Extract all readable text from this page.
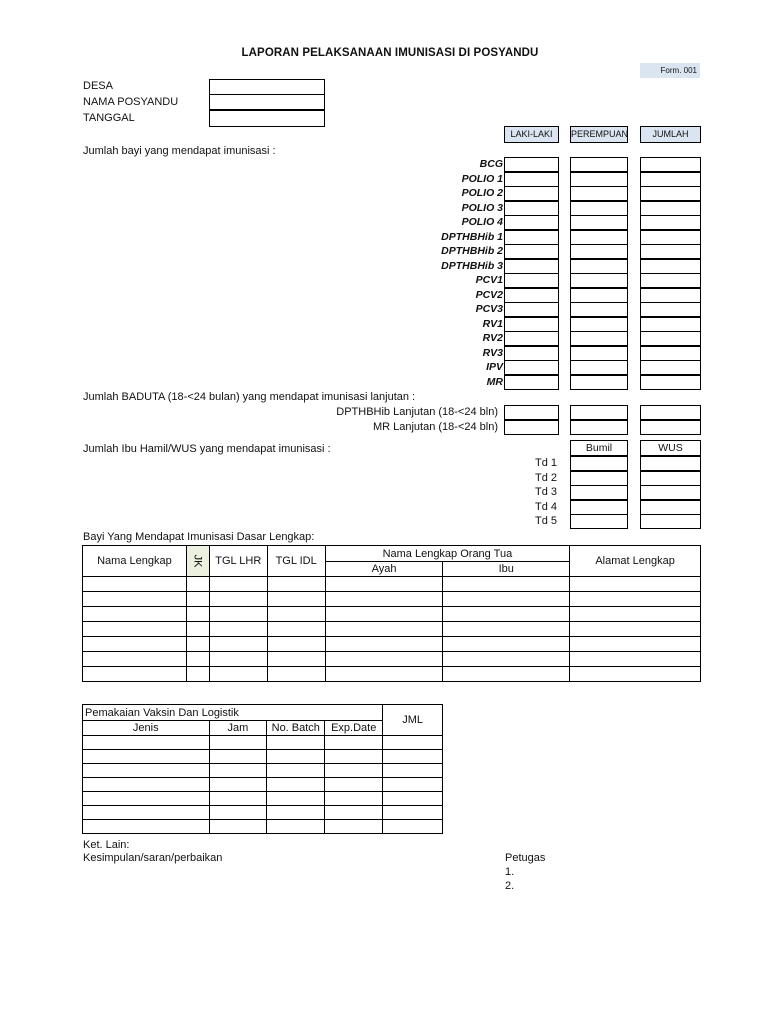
LAPORAN PELAKSANAAN IMUNISASI DI POSYANDU
Form. 001
DESA
NAMA POSYANDU
TANGGAL
LAKI-LAKI	PEREMPUAN	JUMLAH
Jumlah bayi yang mendapat imunisasi :
BCG
POLIO 1
POLIO 2
POLIO 3
POLIO 4
DPTHBHib 1
DPTHBHib 2
DPTHBHib 3
PCV1
PCV2
PCV3
RV1
RV2
RV3
IPV
MR
Jumlah BADUTA (18-<24 bulan) yang mendapat imunisasi lanjutan :
DPTHBHib Lanjutan (18-<24 bln)
MR Lanjutan (18-<24 bln)
Jumlah Ibu Hamil/WUS yang mendapat imunisasi :	Bumil	WUS
Td 1
Td 2
Td 3
Td 4
Td 5
Bayi Yang Mendapat Imunisasi Dasar Lengkap:
Nama Lengkap	JK	TGL LHR	TGL IDL	Nama Lengkap Orang Tua		Alamat Lengkap
				Ayah	Ibu	

Pemakaian Vaksin Dan Logistik				JML
Jenis	Jam	No. Batch	Exp.Date	

Ket. Lain:
Kesimpulan/saran/perbaikan	Petugas
1.
2.
